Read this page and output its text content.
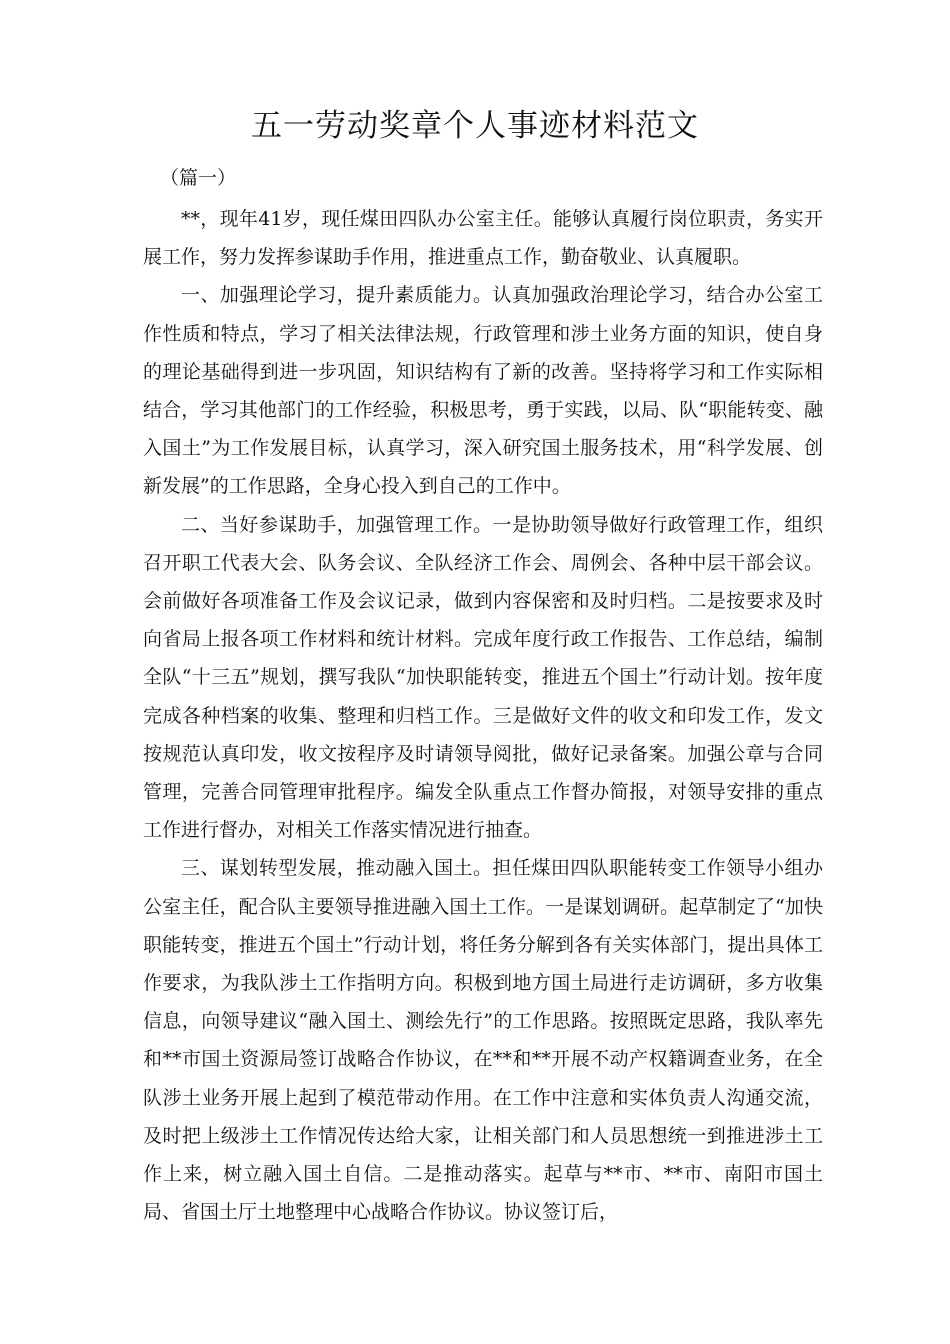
五一劳动奖章个人事迹材料范文
（篇一）

**，现年41岁，现任煤田四队办公室主任。能够认真履行岗位职责，务实开展工作，努力发挥参谋助手作用，推进重点工作，勤奋敬业、认真履职。

一、加强理论学习，提升素质能力。认真加强政治理论学习，结合办公室工作性质和特点，学习了相关法律法规，行政管理和涉土业务方面的知识，使自身的理论基础得到进一步巩固，知识结构有了新的改善。坚持将学习和工作实际相结合，学习其他部门的工作经验，积极思考，勇于实践，以局、队“职能转变、融入国土”为工作发展目标，认真学习，深入研究国土服务技术，用“科学发展、创新发展”的工作思路，全身心投入到自己的工作中。

二、当好参谋助手，加强管理工作。一是协助领导做好行政管理工作，组织召开职工代表大会、队务会议、全队经济工作会、周例会、各种中层干部会议。会前做好各项准备工作及会议记录，做到内容保密和及时归档。二是按要求及时向省局上报各项工作材料和统计材料。完成年度行政工作报告、工作总结，编制全队“十三五”规划，撰写我队“加快职能转变，推进五个国土”行动计划。按年度完成各种档案的收集、整理和归档工作。三是做好文件的收文和印发工作，发文按规范认真印发，收文按程序及时请领导阅批，做好记录备案。加强公章与合同管理，完善合同管理审批程序。编发全队重点工作督办简报，对领导安排的重点工作进行督办，对相关工作落实情况进行抽查。

三、谋划转型发展，推动融入国土。担任煤田四队职能转变工作领导小组办公室主任，配合队主要领导推进融入国土工作。一是谋划调研。起草制定了“加快职能转变，推进五个国土”行动计划，将任务分解到各有关实体部门，提出具体工作要求，为我队涉土工作指明方向。积极到地方国土局进行走访调研，多方收集信息，向领导建议“融入国土、测绘先行”的工作思路。按照既定思路，我队率先和**市国土资源局签订战略合作协议，在**和**开展不动产权籍调查业务，在全队涉土业务开展上起到了模范带动作用。在工作中注意和实体负责人沟通交流，及时把上级涉土工作情况传达给大家，让相关部门和人员思想统一到推进涉土工作上来，树立融入国土自信。二是推动落实。起草与**市、**市、南阳市国土局、省国土厅土地整理中心战略合作协议。协议签订后，
